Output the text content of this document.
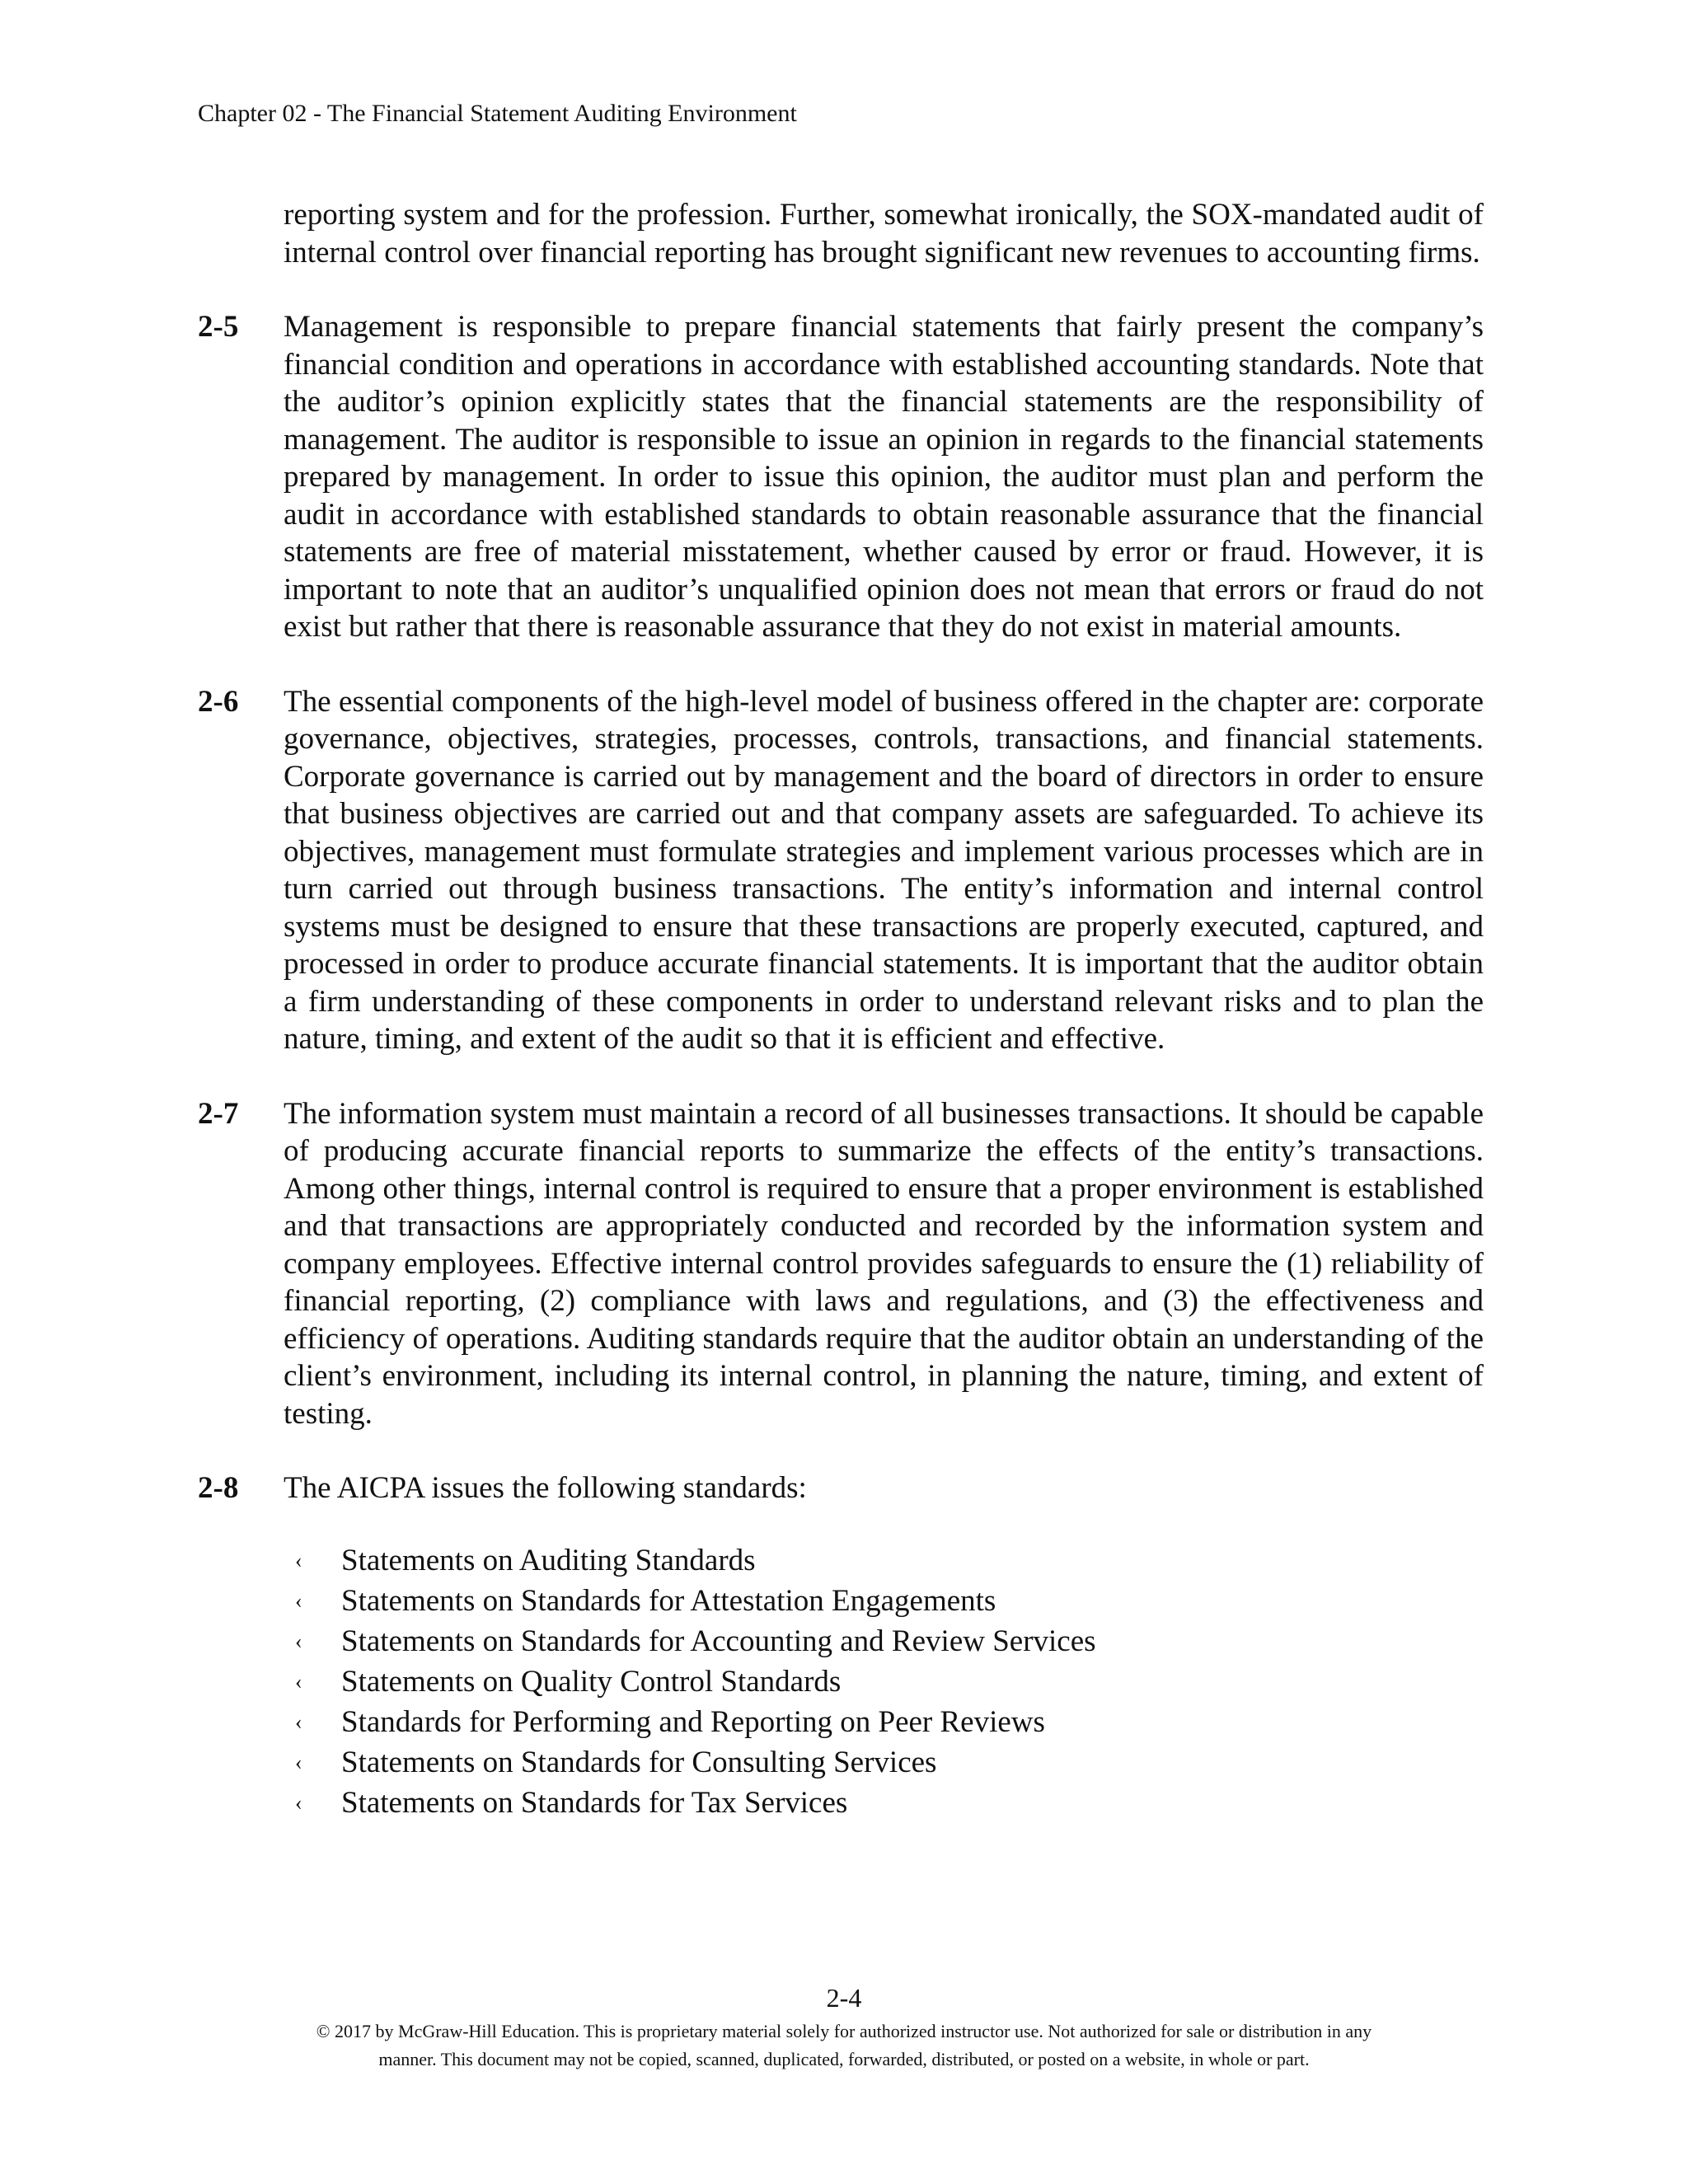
Chapter 02 - The Financial Statement Auditing Environment
reporting system and for the profession. Further, somewhat ironically, the SOX-mandated audit of internal control over financial reporting has brought significant new revenues to accounting firms.
2-5 Management is responsible to prepare financial statements that fairly present the company’s financial condition and operations in accordance with established accounting standards. Note that the auditor’s opinion explicitly states that the financial statements are the responsibility of management. The auditor is responsible to issue an opinion in regards to the financial statements prepared by management. In order to issue this opinion, the auditor must plan and perform the audit in accordance with established standards to obtain reasonable assurance that the financial statements are free of material misstatement, whether caused by error or fraud. However, it is important to note that an auditor’s unqualified opinion does not mean that errors or fraud do not exist but rather that there is reasonable assurance that they do not exist in material amounts.
2-6 The essential components of the high-level model of business offered in the chapter are: corporate governance, objectives, strategies, processes, controls, transactions, and financial statements. Corporate governance is carried out by management and the board of directors in order to ensure that business objectives are carried out and that company assets are safeguarded. To achieve its objectives, management must formulate strategies and implement various processes which are in turn carried out through business transactions. The entity’s information and internal control systems must be designed to ensure that these transactions are properly executed, captured, and processed in order to produce accurate financial statements. It is important that the auditor obtain a firm understanding of these components in order to understand relevant risks and to plan the nature, timing, and extent of the audit so that it is efficient and effective.
2-7 The information system must maintain a record of all businesses transactions. It should be capable of producing accurate financial reports to summarize the effects of the entity’s transactions. Among other things, internal control is required to ensure that a proper environment is established and that transactions are appropriately conducted and recorded by the information system and company employees. Effective internal control provides safeguards to ensure the (1) reliability of financial reporting, (2) compliance with laws and regulations, and (3) the effectiveness and efficiency of operations. Auditing standards require that the auditor obtain an understanding of the client’s environment, including its internal control, in planning the nature, timing, and extent of testing.
2-8 The AICPA issues the following standards:
‹ Statements on Auditing Standards
‹ Statements on Standards for Attestation Engagements
‹ Statements on Standards for Accounting and Review Services
‹ Statements on Quality Control Standards
‹ Standards for Performing and Reporting on Peer Reviews
‹ Statements on Standards for Consulting Services
‹ Statements on Standards for Tax Services
2-4
© 2017 by McGraw-Hill Education. This is proprietary material solely for authorized instructor use. Not authorized for sale or distribution in any
manner. This document may not be copied, scanned, duplicated, forwarded, distributed, or posted on a website, in whole or part.
